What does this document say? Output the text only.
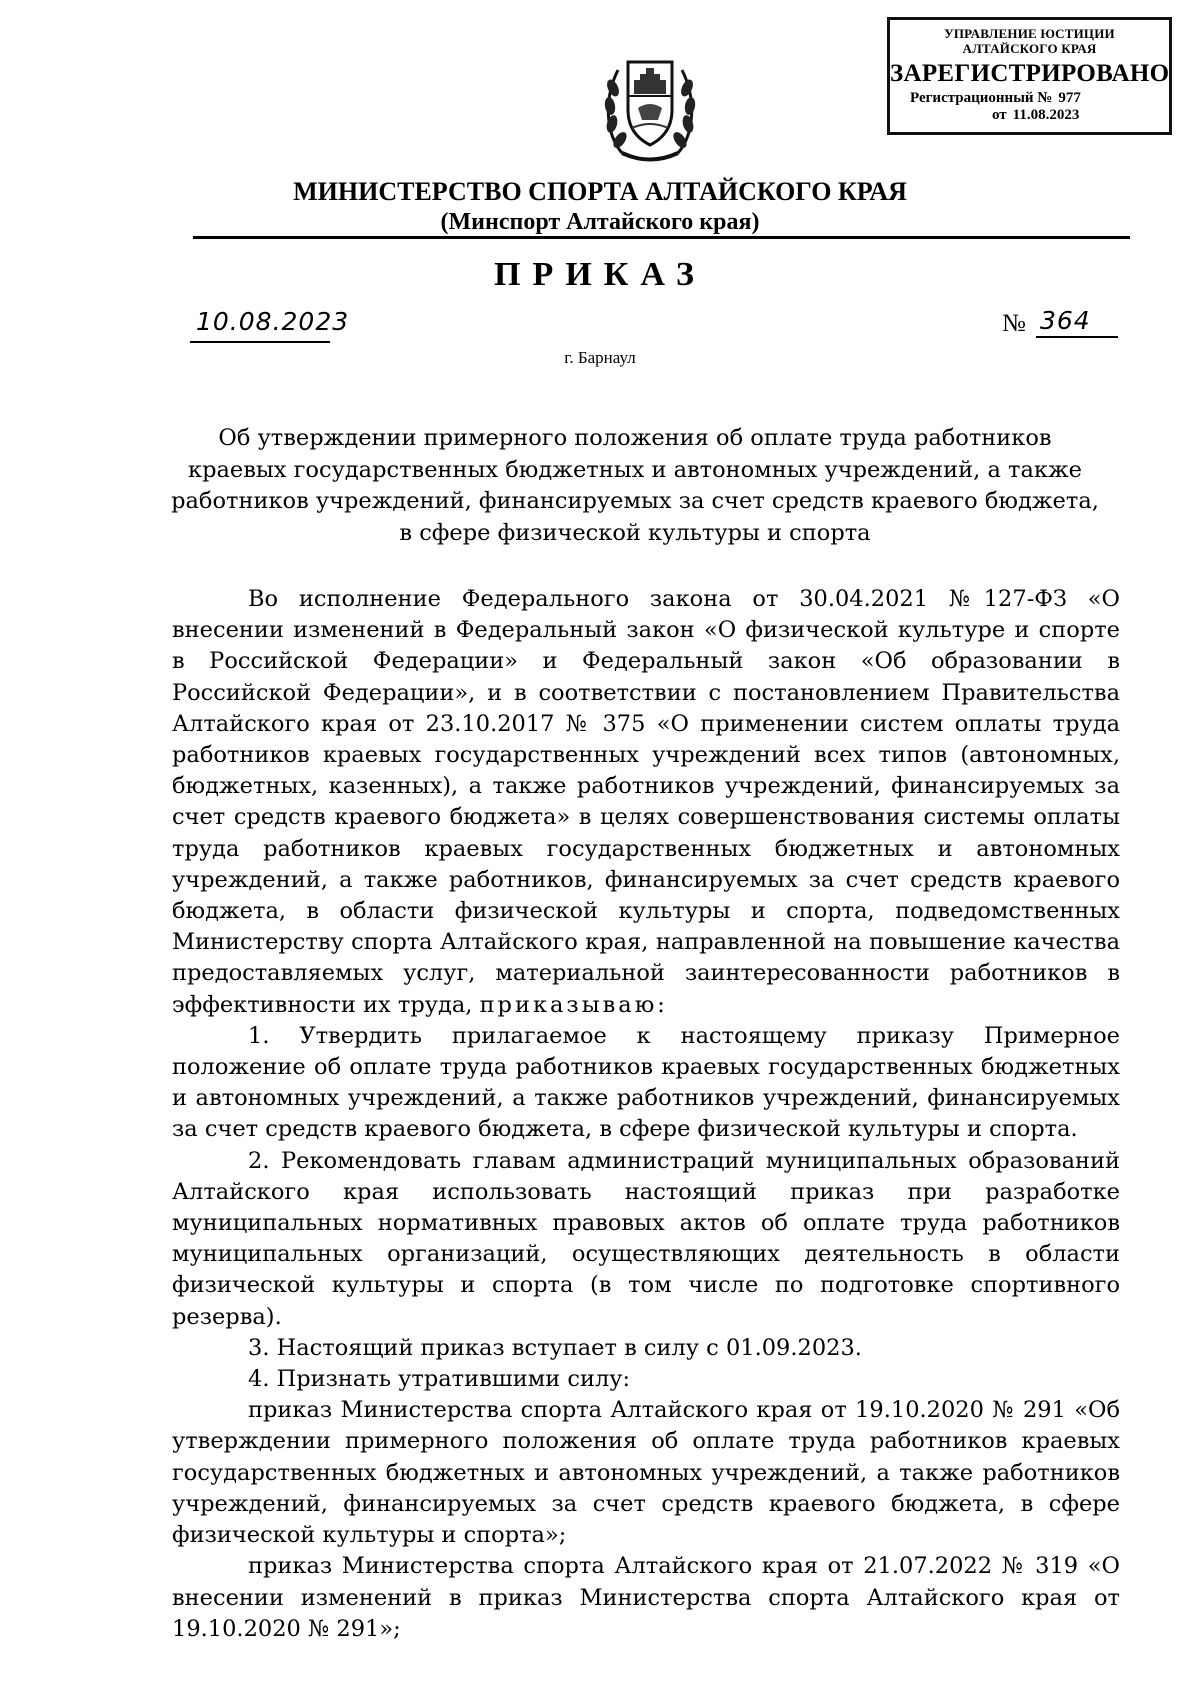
УПРАВЛЕНИЕ ЮСТИЦИИ
АЛТАЙСКОГО КРАЯ
ЗАРЕГИСТРИРОВАНО
Регистрационный № 977
от 11.08.2023
МИНИСТЕРСТВО СПОРТА АЛТАЙСКОГО КРАЯ
(Минспорт Алтайского края)
ПРИКАЗ
10.08.2023	№ 364
г. Барнаул
Об утверждении примерного положения об оплате труда работников краевых государственных бюджетных и автономных учреждений, а также работников учреждений, финансируемых за счет средств краевого бюджета, в сфере физической культуры и спорта

Во исполнение Федерального закона от 30.04.2021 №127-ФЗ «О внесении изменений в Федеральный закон «О физической культуре и спорте в Российской Федерации» и Федеральный закон «Об образовании в Российской Федерации», и в соответствии с постановлением Правительства Алтайского края от 23.10.2017 № 375 «О применении систем оплаты труда работников краевых государственных учреждений всех типов (автономных, бюджетных, казенных), а также работников учреждений, финансируемых за счет средств краевого бюджета» в целях совершенствования системы оплаты труда работников краевых государственных бюджетных и автономных учреждений, а также работников, финансируемых за счет средств краевого бюджета, в области физической культуры и спорта, подведомственных Министерству спорта Алтайского края, направленной на повышение качества предоставляемых услуг, материальной заинтересованности работников в эффективности их труда, приказываю:

1. Утвердить прилагаемое к настоящему приказу Примерное положение об оплате труда работников краевых государственных бюджетных и автономных учреждений, а также работников учреждений, финансируемых за счет средств краевого бюджета, в сфере физической культуры и спорта.

2. Рекомендовать главам администраций муниципальных образований Алтайского края использовать настоящий приказ при разработке муниципальных нормативных правовых актов об оплате труда работников муниципальных организаций, осуществляющих деятельность в области физической культуры и спорта (в том числе по подготовке спортивного резерва).

3. Настоящий приказ вступает в силу с 01.09.2023.

4. Признать утратившими силу:

приказ Министерства спорта Алтайского края от 19.10.2020 № 291 «Об утверждении примерного положения об оплате труда работников краевых государственных бюджетных и автономных учреждений, а также работников учреждений, финансируемых за счет средств краевого бюджета, в сфере физической культуры и спорта»;

приказ Министерства спорта Алтайского края от 21.07.2022 № 319 «О внесении изменений в приказ Министерства спорта Алтайского края от 19.10.2020 № 291»;
